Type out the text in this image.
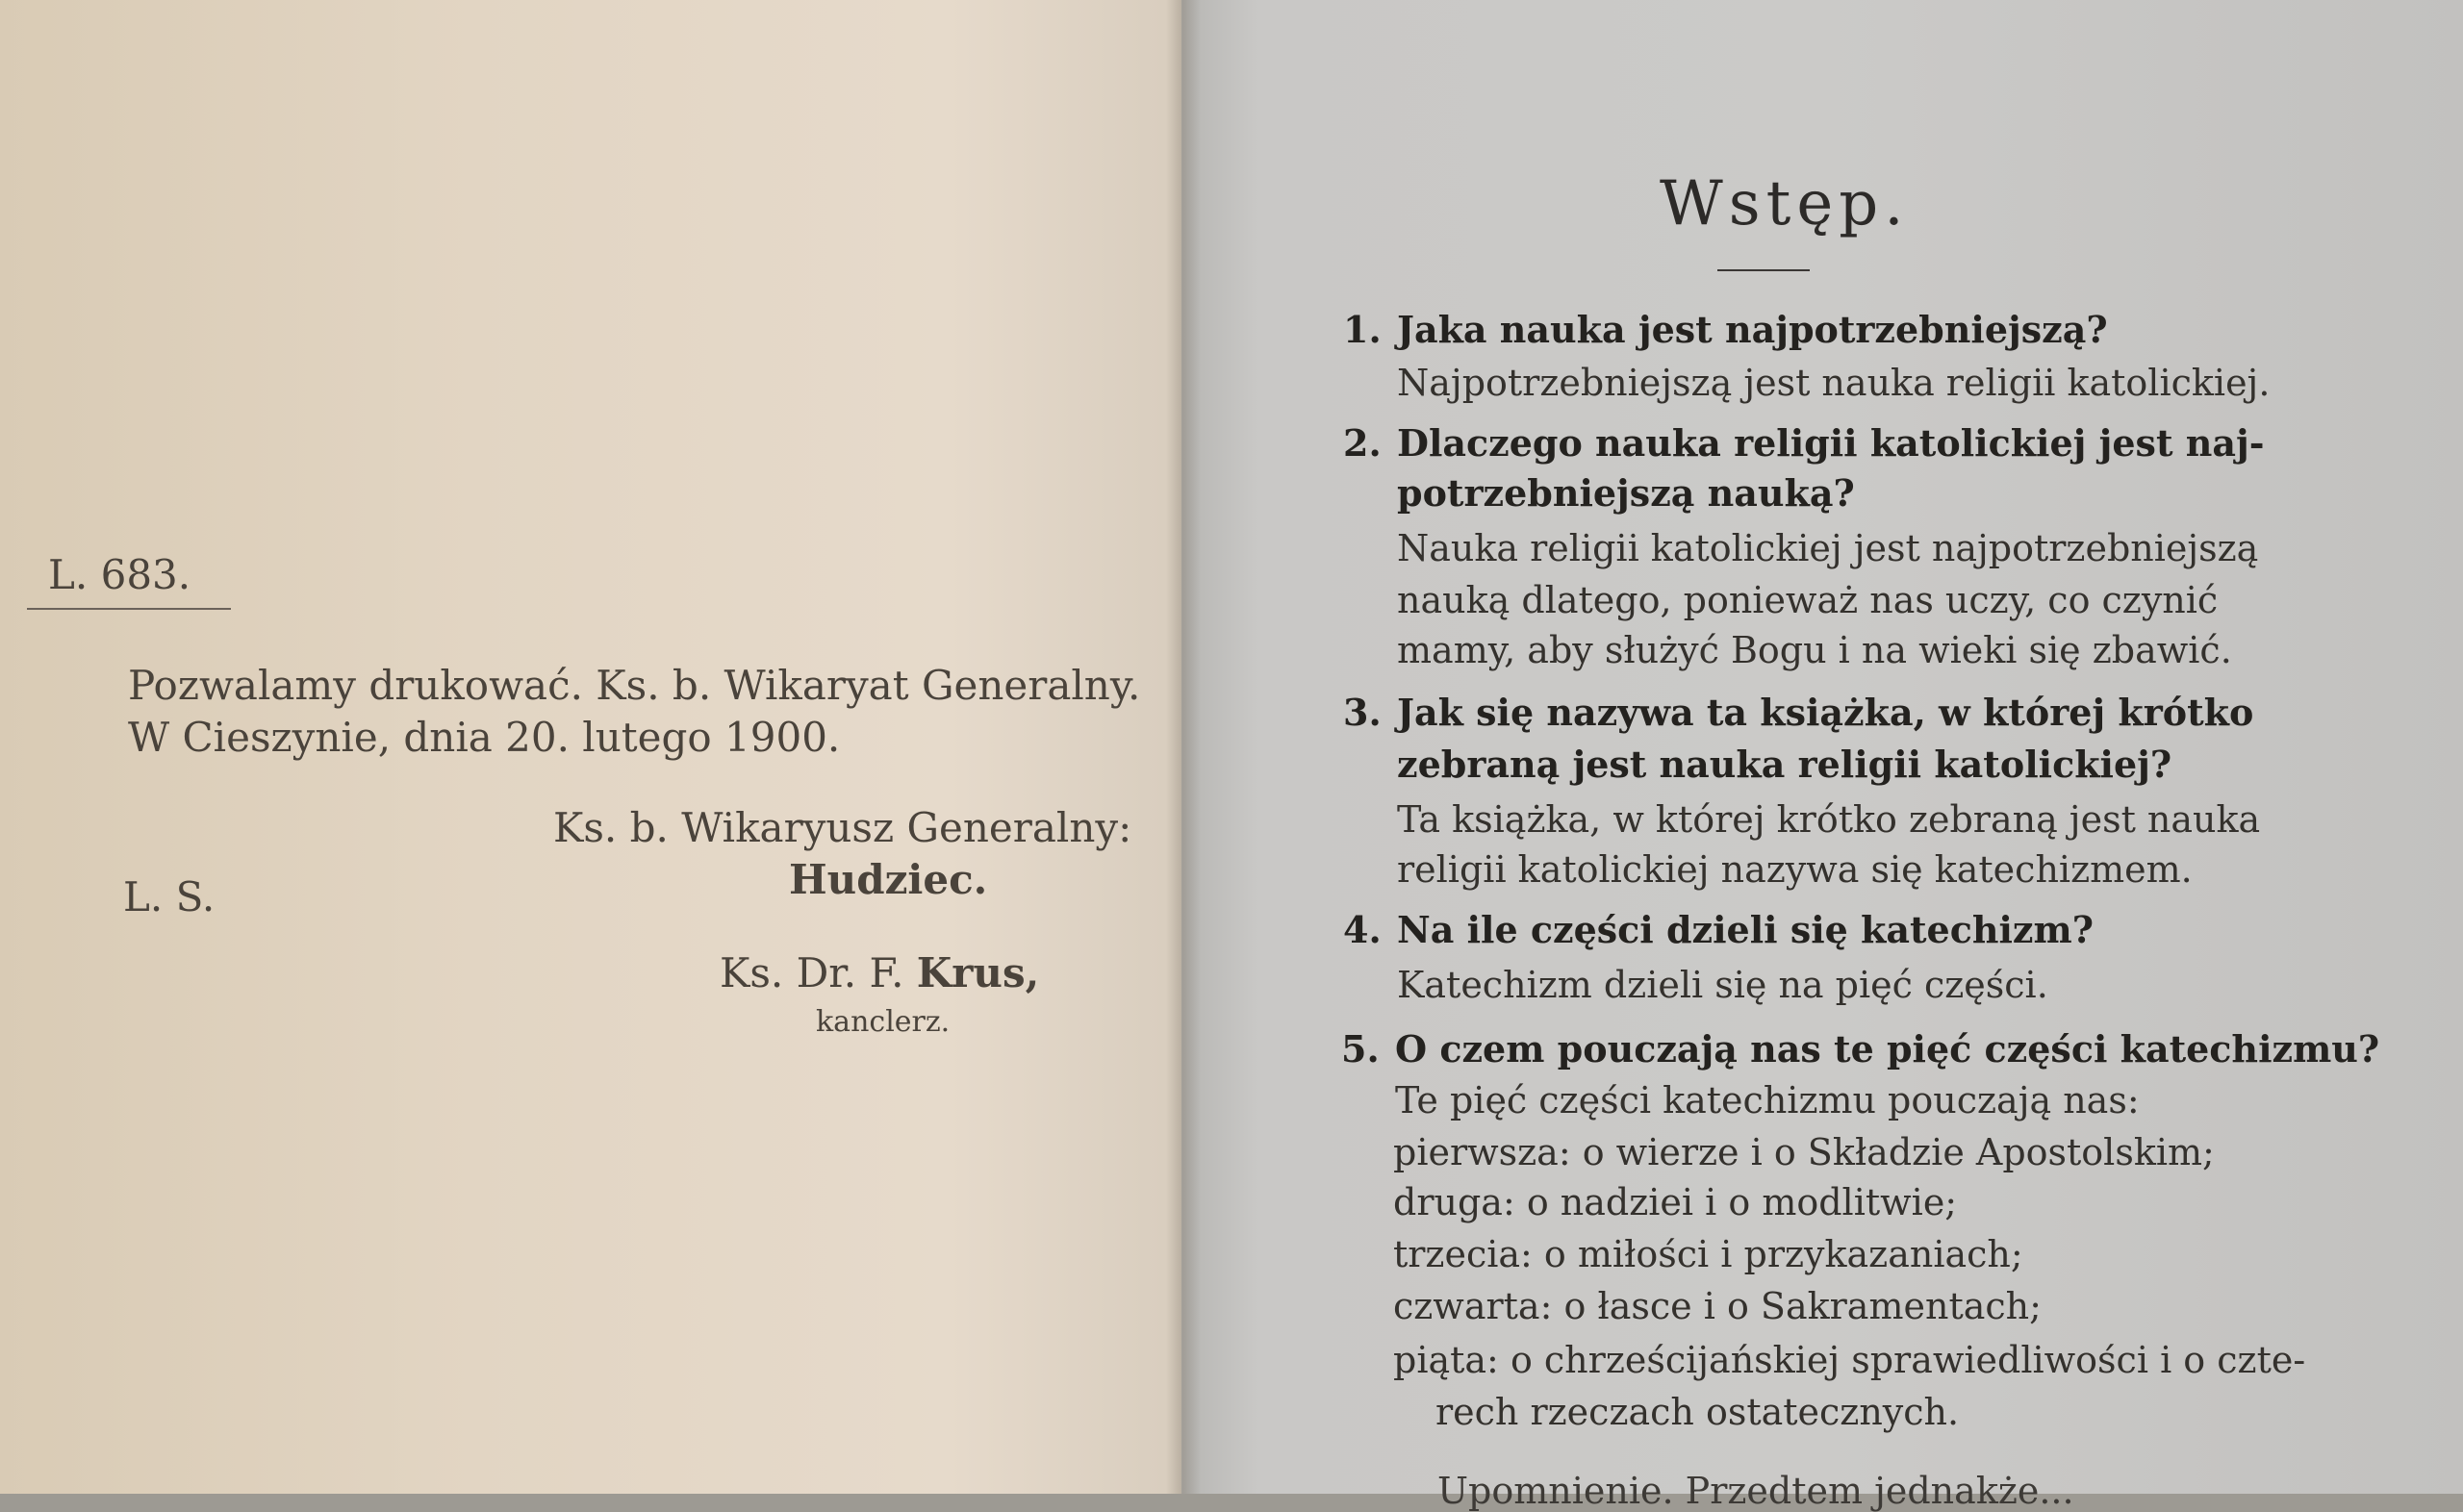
L. 683.
Pozwalamy drukować. Ks. b. Wikaryat Generalny.
W Cieszynie, dnia 20. lutego 1900.
Ks. b. Wikaryusz Generalny:
Hudziec.
L. S.
Ks. Dr. F. Krus,
kanclerz.
Wstęp.
1. Jaka nauka jest najpotrzebniejszą?
Najpotrzebniejszą jest nauka religii katolickiej.
2. Dlaczego nauka religii katolickiej jest naj-
potrzebniejszą nauką?
Nauka religii katolickiej jest najpotrzebniejszą
nauką dlatego, ponieważ nas uczy, co czynić
mamy, aby służyć Bogu i na wieki się zbawić.
3. Jak się nazywa ta książka, w której krótko
zebraną jest nauka religii katolickiej?
Ta książka, w której krótko zebraną jest nauka
religii katolickiej nazywa się katechizmem.
4. Na ile części dzieli się katechizm?
Katechizm dzieli się na pięć części.
5. O czem pouczają nas te pięć części katechizmu?
Te pięć części katechizmu pouczają nas:
pierwsza: o wierze i o Składzie Apostolskim;
druga: o nadziei i o modlitwie;
trzecia: o miłości i przykazaniach;
czwarta: o łasce i o Sakramentach;
piąta: o chrześcijańskiej sprawiedliwości i o czte-
rech rzeczach ostatecznych.
Upomnienie. Przedtem jednakże...
